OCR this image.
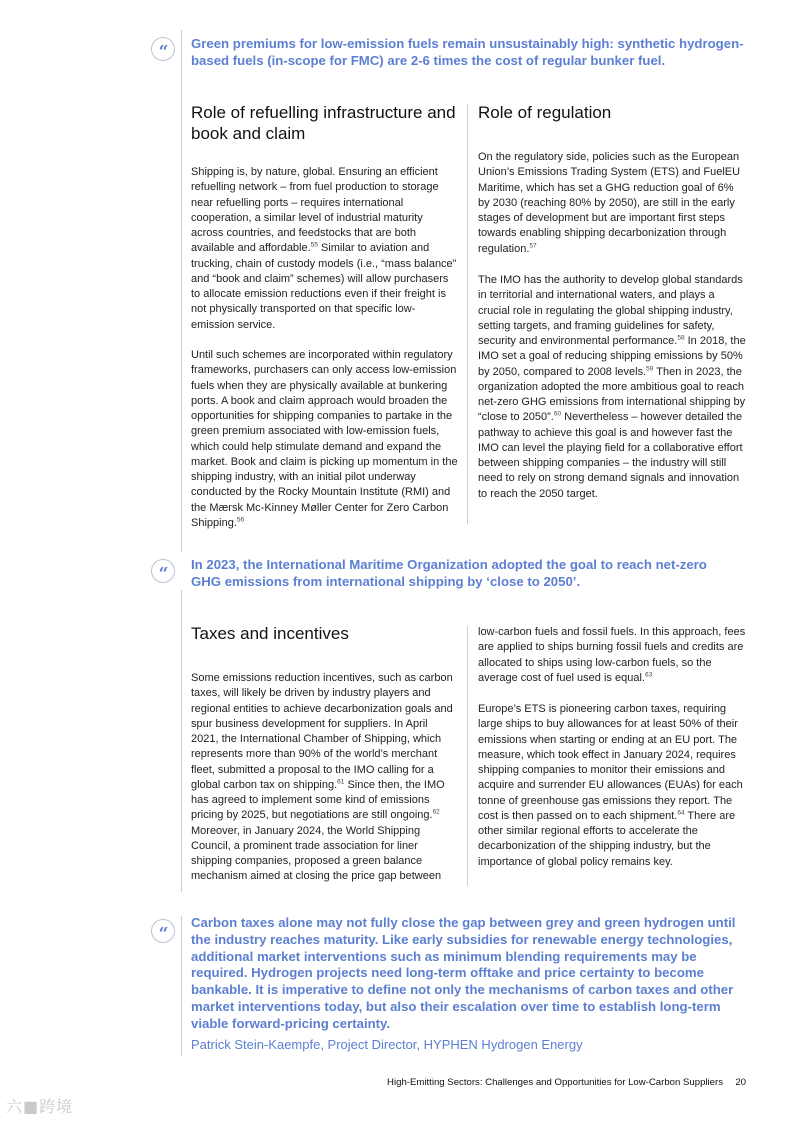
“	Green premiums for low-emission fuels remain unsustainably high: synthetic hydrogen-based fuels (in-scope for FMC) are 2-6 times the cost of regular bunker fuel.

Role of refuelling infrastructure and book and claim

Shipping is, by nature, global. Ensuring an efficient refuelling network – from fuel production to storage near refuelling ports – requires international cooperation, a similar level of industrial maturity across countries, and feedstocks that are both available and affordable.$^{55}$ Similar to aviation and trucking, chain of custody models (i.e., “mass balance” and “book and claim” schemes) will allow purchasers to allocate emission reductions even if their freight is not physically transported on that specific low-emission service.

Until such schemes are incorporated within regulatory frameworks, purchasers can only access low-emission fuels when they are physically available at bunkering ports. A book and claim approach would broaden the opportunities for shipping companies to partake in the green premium associated with low-emission fuels, which could help stimulate demand and expand the market. Book and claim is picking up momentum in the shipping industry, with an initial pilot underway conducted by the Rocky Mountain Institute (RMI) and the Mærsk Mc-Kinney Møller Center for Zero Carbon Shipping.$^{56}$

Role of regulation

On the regulatory side, policies such as the European Union’s Emissions Trading System (ETS) and FuelEU Maritime, which has set a GHG reduction goal of 6% by 2030 (reaching 80% by 2050), are still in the early stages of development but are important first steps towards enabling shipping decarbonization through regulation.$^{57}$

The IMO has the authority to develop global standards in territorial and international waters, and plays a crucial role in regulating the global shipping industry, setting targets, and framing guidelines for safety, security and environmental performance.$^{58}$ In 2018, the IMO set a goal of reducing shipping emissions by 50% by 2050, compared to 2008 levels.$^{59}$ Then in 2023, the organization adopted the more ambitious goal to reach net-zero GHG emissions from international shipping by “close to 2050”.$^{60}$ Nevertheless – however detailed the pathway to achieve this goal is and however fast the IMO can level the playing field for a collaborative effort between shipping companies – the industry will still need to rely on strong demand signals and innovation to reach the 2050 target.

“	In 2023, the International Maritime Organization adopted the goal to reach net-zero GHG emissions from international shipping by ‘close to 2050’.

Taxes and incentives

Some emissions reduction incentives, such as carbon taxes, will likely be driven by industry players and regional entities to achieve decarbonization goals and spur business development for suppliers. In April 2021, the International Chamber of Shipping, which represents more than 90% of the world’s merchant fleet, submitted a proposal to the IMO calling for a global carbon tax on shipping.$^{61}$ Since then, the IMO has agreed to implement some kind of emissions pricing by 2025, but negotiations are still ongoing.$^{62}$ Moreover, in January 2024, the World Shipping Council, a prominent trade association for liner shipping companies, proposed a green balance mechanism aimed at closing the price gap between

low-carbon fuels and fossil fuels. In this approach, fees are applied to ships burning fossil fuels and credits are allocated to ships using low-carbon fuels, so the average cost of fuel used is equal.$^{63}$

Europe’s ETS is pioneering carbon taxes, requiring large ships to buy allowances for at least 50% of their emissions when starting or ending at an EU port. The measure, which took effect in January 2024, requires shipping companies to monitor their emissions and acquire and surrender EU allowances (EUAs) for each tonne of greenhouse gas emissions they report. The cost is then passed on to each shipment.$^{64}$ There are other similar regional efforts to accelerate the decarbonization of the shipping industry, but the importance of global policy remains key.

“

Carbon taxes alone may not fully close the gap between grey and green hydrogen until the industry reaches maturity. Like early subsidies for renewable energy technologies, additional market interventions such as minimum blending requirements may be required. Hydrogen projects need long-term offtake and price certainty to become bankable. It is imperative to define not only the mechanisms of carbon taxes and other market interventions today, but also their escalation over time to establish long-term viable forward-pricing certainty.

Patrick Stein-Kaempfe, Project Director, HYPHEN Hydrogen Energy

High-Emitting Sectors: Challenges and Opportunities for Low-Carbon Suppliers 20
六■跨境
